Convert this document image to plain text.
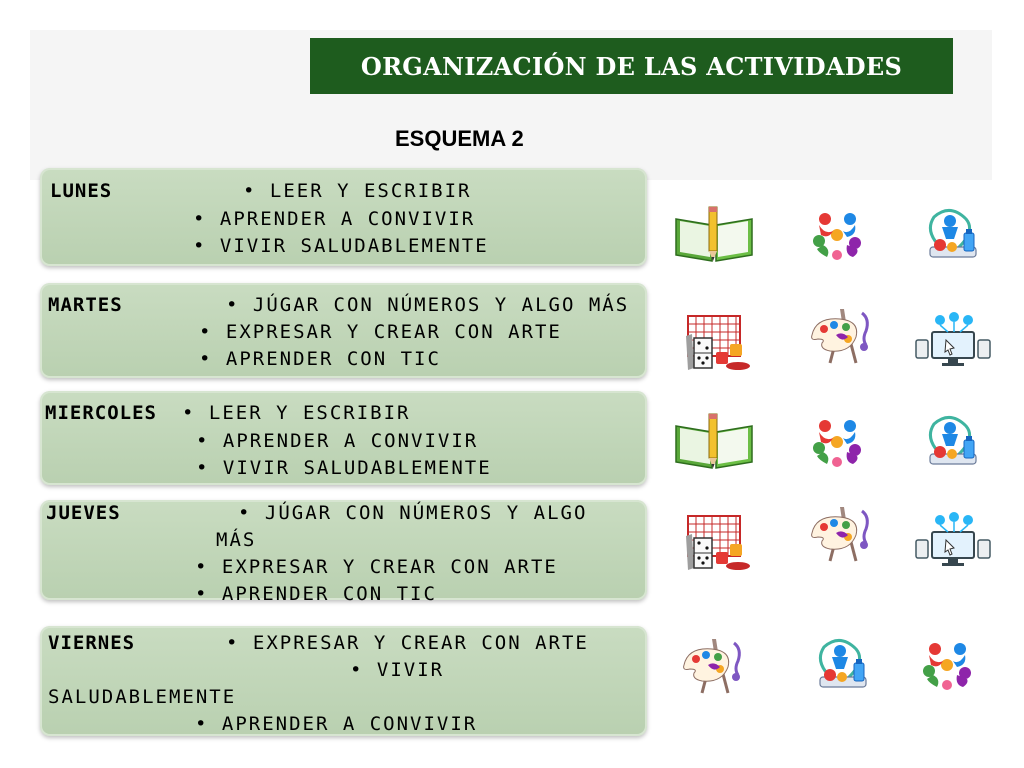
ORGANIZACIÓN DE LAS ACTIVIDADES
ESQUEMA 2
LUNES	• LEER Y ESCRIBIR
• APRENDER A CONVIVIR
• VIVIR SALUDABLEMENTE
MARTES	• JÚGAR CON NÚMEROS Y ALGO MÁS
• EXPRESAR Y CREAR CON ARTE
• APRENDER CON TIC
MIERCOLES • LEER Y ESCRIBIR
• APRENDER A CONVIVIR
• VIVIR SALUDABLEMENTE
JUEVES	• JÚGAR CON NÚMEROS Y ALGO
MÁS
• EXPRESAR Y CREAR CON ARTE
• APRENDER CON TIC
VIERNES	• EXPRESAR Y CREAR CON ARTE
• VIVIR
SALUDABLEMENTE
• APRENDER A CONVIVIR
